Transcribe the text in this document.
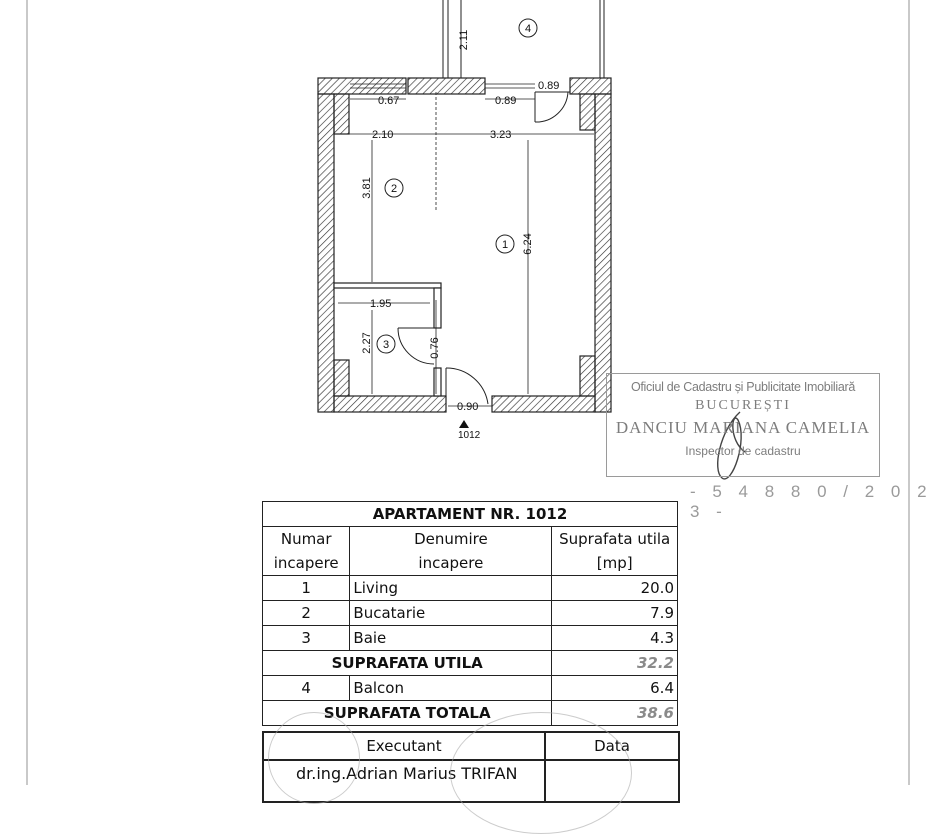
2.11
0.89
0.67	0.89
2.10	3.23
3.81
6.24
1.95
2.27	0.76
0.90
4
2
1
3
1012
Oficiul de Cadastru și Publicitate Imobiliară
BUCUREȘTI
DANCIU MARIANA CAMELIA
Inspector de cadastru
- 5 4 8 8 0 / 2 0 2 3 -
APARTAMENT NR. 1012		
Numar	Denumire	Suprafata utila
incapere	incapere	[mp]
1	Living	20.0
2	Bucatarie	7.9
3	Baie	4.3
SUPRAFATA UTILA		32.2
4	Balcon	6.4
SUPRAFATA TOTALA		38.6
Executant	Data

dr.ing.Adrian Marius TRIFAN
